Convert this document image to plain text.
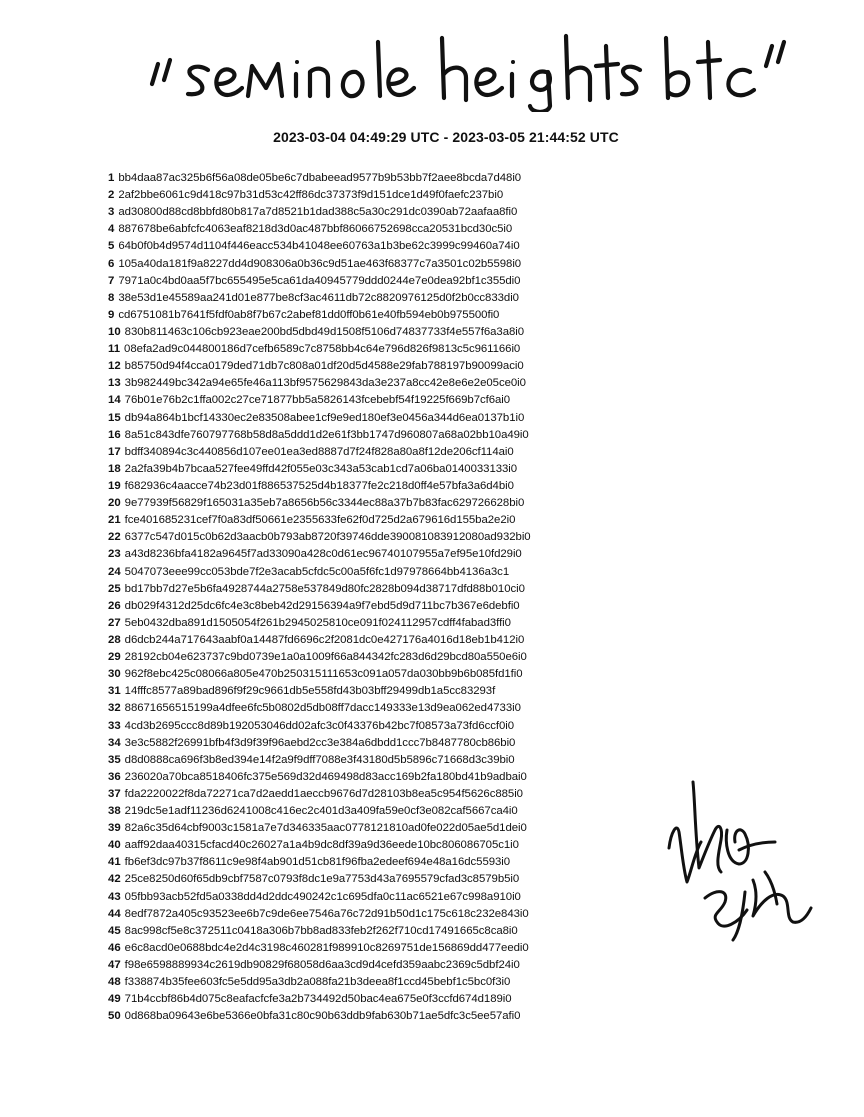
2023-03-04 04:49:29 UTC - 2023-03-05 21:44:52 UTC
1 bb4daa87ac325b6f56a08de05be6c7dbabeead9577b9b53bb7f2aee8bcda7d48i0
2 2af2bbe6061c9d418c97b31d53c42ff86dc37373f9d151dce1d49f0faefc237bi0
3 ad30800d88cd8bbfd80b817a7d8521b1dad388c5a30c291dc0390ab72aafaa8fi0
4 887678be6abfcfc4063eaf8218d3d0ac487bbf86066752698cca20531bcd30c5i0
5 64b0f0b4d9574d1104f446eacc534b41048ee60763a1b3be62c3999c99460a74i0
6 105a40da181f9a8227dd4d908306a0b36c9d51ae463f68377c7a3501c02b5598i0
7 7971a0c4bd0aa5f7bc655495e5ca61da40945779ddd0244e7e0dea92bf1c355di0
8 38e53d1e45589aa241d01e877be8cf3ac4611db72c8820976125d0f2b0cc833di0
9 cd6751081b7641f5fdf0ab8f7b67c2abef81dd0ff0b61e40fb594eb0b975500fi0
10 830b811463c106cb923eae200bd5dbd49d1508f5106d74837733f4e557f6a3a8i0
11 08efa2ad9c044800186d7cefb6589c7c8758bb4c64e796d826f9813c5c961166i0
12 b85750d94f4cca0179ded71db7c808a01df20d5d4588e29fab788197b90099aci0
13 3b982449bc342a94e65fe46a113bf9575629843da3e237a8cc42e8e6e2e05ce0i0
14 76b01e76b2c1ffa002c27ce71877bb5a5826143fcebebf54f19225f669b7cf6ai0
15 db94a864b1bcf14330ec2e83508abee1cf9e9ed180ef3e0456a344d6ea0137b1i0
16 8a51c843dfe760797768b58d8a5ddd1d2e61f3bb1747d960807a68a02bb10a49i0
17 bdff340894c3c440856d107ee01ea3ed8887d7f24f828a80a8f12de206cf114ai0
18 2a2fa39b4b7bcaa527fee49ffd42f055e03c343a53cab1cd7a06ba0140033133i0
19 f682936c4aacce74b23d01f886537525d4b18377fe2c218d0ff4e57bfa3a6d4bi0
20 9e77939f56829f165031a35eb7a8656b56c3344ec88a37b7b83fac629726628bi0
21 fce401685231cef7f0a83df50661e2355633fe62f0d725d2a679616d155ba2e2i0
22 6377c547d015c0b62d3aacb0b793ab8720f39746dde390081083912080ad932bi0
23 a43d8236bfa4182a9645f7ad33090a428c0d61ec96740107955a7ef95e10fd29i0
24 5047073eee99cc053bde7f2e3acab5cfdc5c00a5f6fc1d97978664bb4136a3c1
25 bd17bb7d27e5b6fa4928744a2758e537849d80fc2828b094d38717dfd88b010ci0
26 db029f4312d25dc6fc4e3c8beb42d29156394a9f7ebd5d9d711bc7b367e6debfi0
27 5eb0432dba891d1505054f261b2945025810ce091f024112957cdff4fabad3ffi0
28 d6dcb244a717643aabf0a14487fd6696c2f2081dc0e427176a4016d18eb1b412i0
29 28192cb04e623737c9bd0739e1a0a1009f66a844342fc283d6d29bcd80a550e6i0
30 962f8ebc425c08066a805e470b250315111653c091a057da030bb9b6b085fd1fi0
31 14fffc8577a89bad896f9f29c9661db5e558fd43b03bff29499db1a5cc83293f
32 88671656515199a4dfee6fc5b0802d5db08ff7dacc149333e13d9ea062ed4733i0
33 4cd3b2695ccc8d89b192053046dd02afc3c0f43376b42bc7f08573a73fd6ccf0i0
34 3e3c5882f26991bfb4f3d9f39f96aebd2cc3e384a6dbdd1ccc7b8487780cb86bi0
35 d8d0888ca696f3b8ed394e14f2a9f9dff7088e3f43180d5b5896c71668d3c39bi0
36 236020a70bca8518406fc375e569d32d469498d83acc169b2fa180bd41b9adbai0
37 fda2220022f8da72271ca7d2aedd1aeccb9676d7d28103b8ea5c954f5626c885i0
38 219dc5e1adf11236d6241008c416ec2c401d3a409fa59e0cf3e082caf5667ca4i0
39 82a6c35d64cbf9003c1581a7e7d346335aac0778121810ad0fe022d05ae5d1dei0
40 aaff92daa40315cfacd40c26027a1a4b9dc8df39a9d36eede10bc806086705c1i0
41 fb6ef3dc97b37f8611c9e98f4ab901d51cb81f96fba2edeef694e48a16dc5593i0
42 25ce8250d60f65db9cbf7587c0793f8dc1e9a7753d43a7695579cfad3c8579b5i0
43 05fbb93acb52fd5a0338dd4d2ddc490242c1c695dfa0c11ac6521e67c998a910i0
44 8edf7872a405c93523ee6b7c9de6ee7546a76c72d91b50d1c175c618c232e843i0
45 8ac998cf5e8c372511c0418a306b7bb8ad833feb2f262f710cd17491665c8ca8i0
46 e6c8acd0e0688bdc4e2d4c3198c460281f989910c8269751de156869dd477eedi0
47 f98e6598889934c2619db90829f68058d6aa3cd9d4cefd359aabc2369c5dbf24i0
48 f338874b35fee603fc5e5dd95a3db2a088fa21b3deea8f1ccd45bebf1c5bc0f3i0
49 71b4ccbf86b4d075c8eafacfcfe3a2b734492d50bac4ea675e0f3ccfd674d189i0
50 0d868ba09643e6be5366e0bfa31c80c90b63ddb9fab630b71ae5dfc3c5ee57afi0
